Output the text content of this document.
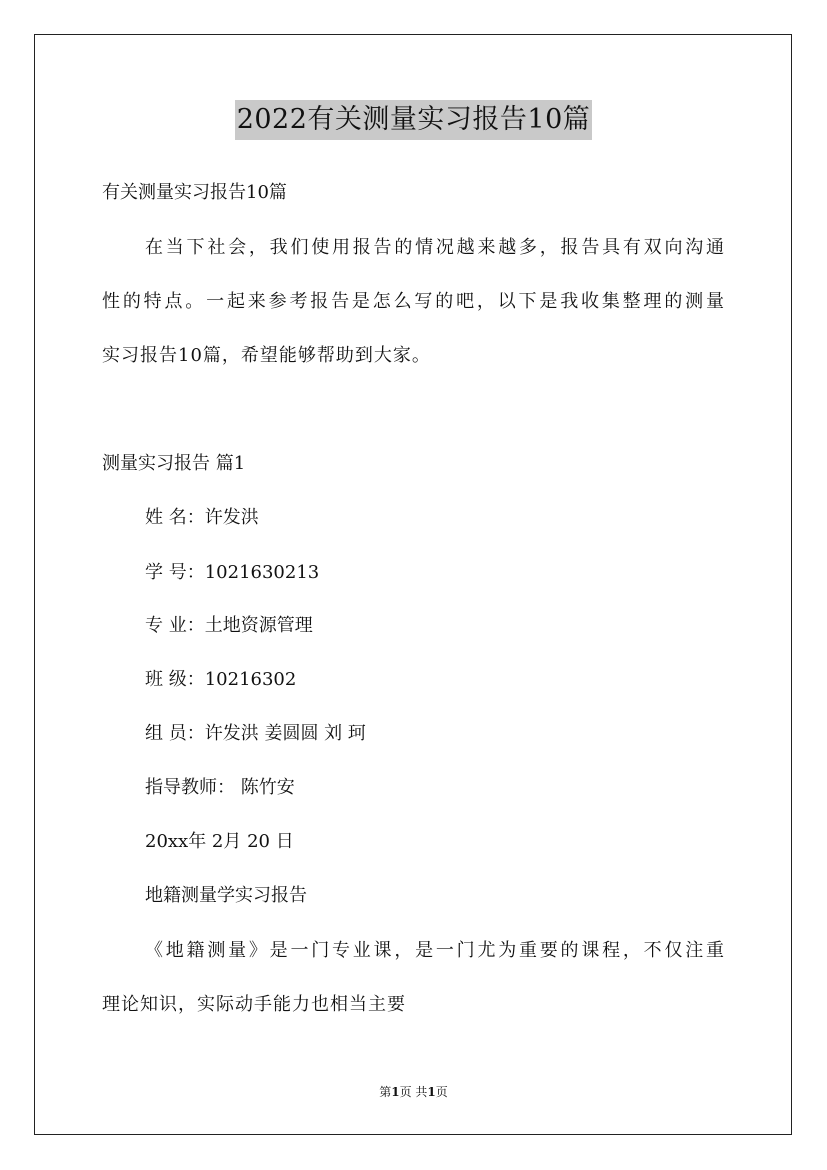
2022有关测量实习报告10篇
有关测量实习报告10篇
在当下社会，我们使用报告的情况越来越多，报告具有双向沟通
性的特点。一起来参考报告是怎么写的吧，以下是我收集整理的测量
实习报告10篇，希望能够帮助到大家。
测量实习报告 篇1
姓 名：许发洪
学 号：1021630213
专 业：土地资源管理
班 级：10216302
组 员：许发洪 姜圆圆 刘 珂
指导教师： 陈竹安
20xx年 2月 20 日
地籍测量学实习报告
《地籍测量》是一门专业课，是一门尤为重要的课程，不仅注重
理论知识，实际动手能力也相当主要
第1页 共1页
